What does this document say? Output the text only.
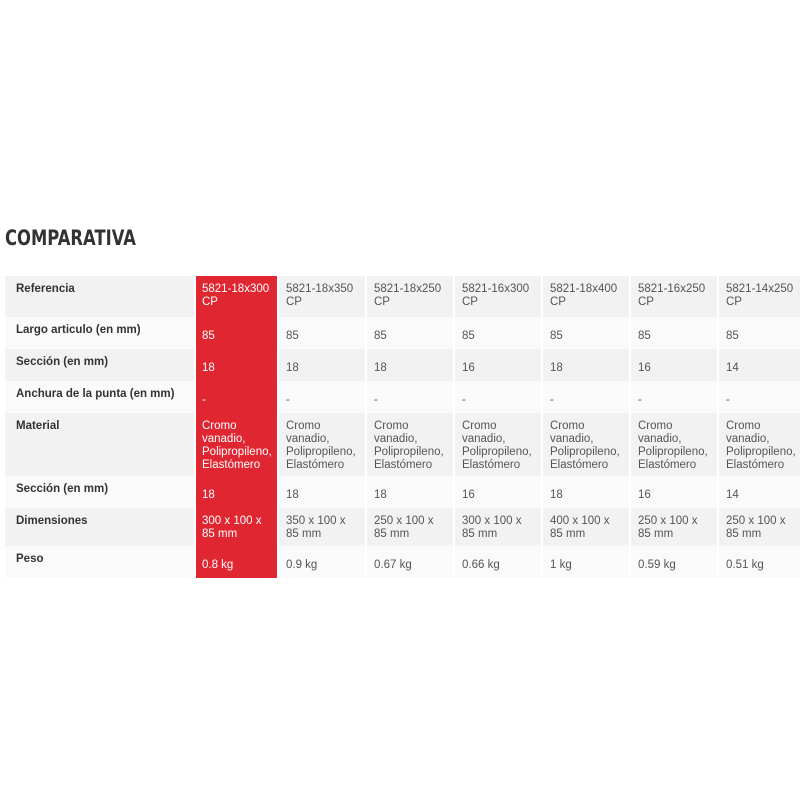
COMPARATIVA
Referencia	5821-18x300 CP	5821-18x350 CP	5821-18x250 CP	5821-16x300 CP	5821-18x400 CP	5821-16x250 CP	5821-14x250 CP
Largo articulo (en mm)	85	85	85	85	85	85	85
Sección (en mm)	18	18	18	16	18	16	14
Anchura de la punta (en mm)	-	-	-	-	-	-	-
Material	Cromo vanadio, Polipropileno, Elastómero	Cromo vanadio, Polipropileno, Elastómero	Cromo vanadio, Polipropileno, Elastómero	Cromo vanadio, Polipropileno, Elastómero	Cromo vanadio, Polipropileno, Elastómero	Cromo vanadio, Polipropileno, Elastómero	Cromo vanadio, Polipropileno, Elastómero
Sección (en mm)	18	18	18	16	18	16	14
Dimensiones	300 x 100 x 85 mm	350 x 100 x 85 mm	250 x 100 x 85 mm	300 x 100 x 85 mm	400 x 100 x 85 mm	250 x 100 x 85 mm	250 x 100 x 85 mm
Peso	0.8 kg	0.9 kg	0.67 kg	0.66 kg	1 kg	0.59 kg	0.51 kg
